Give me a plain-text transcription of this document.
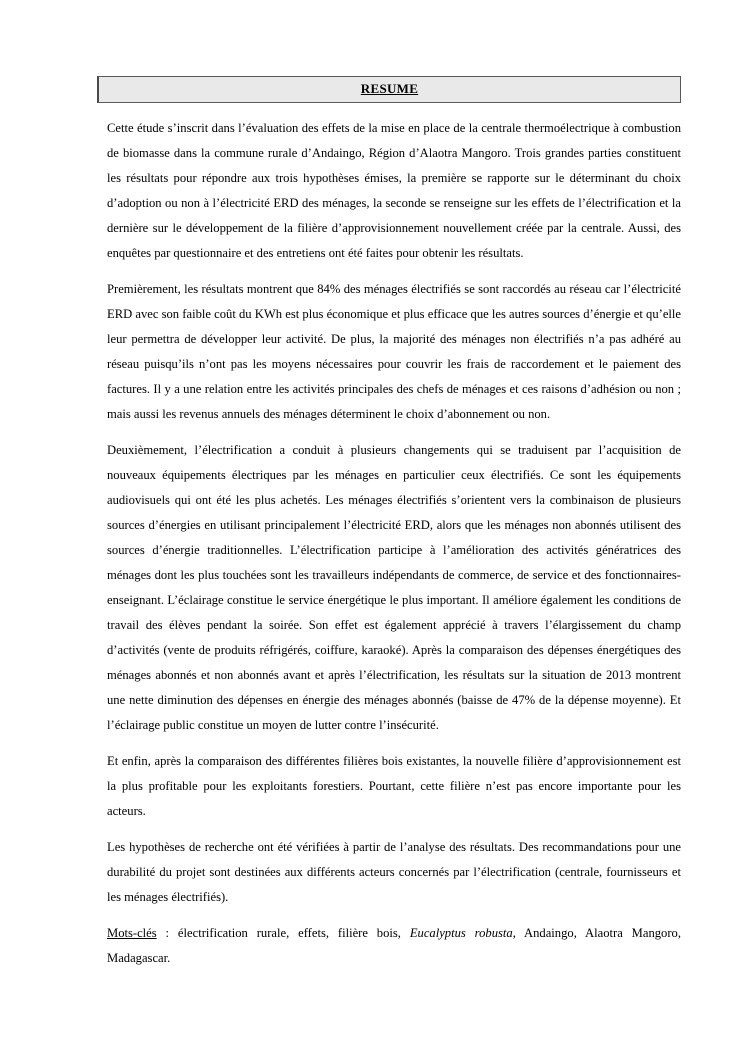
RESUME

Cette étude s’inscrit dans l’évaluation des effets de la mise en place de la centrale thermoélectrique à combustion de biomasse dans la commune rurale d’Andaingo, Région d’Alaotra Mangoro. Trois grandes parties constituent les résultats pour répondre aux trois hypothèses émises, la première se rapporte sur le déterminant du choix d’adoption ou non à l’électricité ERD des ménages, la seconde se renseigne sur les effets de l’électrification et la dernière sur le développement de la filière d’approvisionnement nouvellement créée par la centrale. Aussi, des enquêtes par questionnaire et des entretiens ont été faites pour obtenir les résultats.

Premièrement, les résultats montrent que 84% des ménages électrifiés se sont raccordés au réseau car l’électricité ERD avec son faible coût du KWh est plus économique et plus efficace que les autres sources d’énergie et qu’elle leur permettra de développer leur activité. De plus, la majorité des ménages non électrifiés n’a pas adhéré au réseau puisqu’ils n’ont pas les moyens nécessaires pour couvrir les frais de raccordement et le paiement des factures. Il y a une relation entre les activités principales des chefs de ménages et ces raisons d’adhésion ou non ; mais aussi les revenus annuels des ménages déterminent le choix d’abonnement ou non.

Deuxièmement, l’électrification a conduit à plusieurs changements qui se traduisent par l’acquisition de nouveaux équipements électriques par les ménages en particulier ceux électrifiés. Ce sont les équipements audiovisuels qui ont été les plus achetés. Les ménages électrifiés s’orientent vers la combinaison de plusieurs sources d’énergies en utilisant principalement l’électricité ERD, alors que les ménages non abonnés utilisent des sources d’énergie traditionnelles. L’électrification participe à l’amélioration des activités génératrices des ménages dont les plus touchées sont les travailleurs indépendants de commerce, de service et des fonctionnaires-enseignant. L’éclairage constitue le service énergétique le plus important. Il améliore également les conditions de travail des élèves pendant la soirée. Son effet est également apprécié à travers l’élargissement du champ d’activités (vente de produits réfrigérés, coiffure, karaoké). Après la comparaison des dépenses énergétiques des ménages abonnés et non abonnés avant et après l’électrification, les résultats sur la situation de 2013 montrent une nette diminution des dépenses en énergie des ménages abonnés (baisse de 47% de la dépense moyenne). Et l’éclairage public constitue un moyen de lutter contre l’insécurité.

Et enfin, après la comparaison des différentes filières bois existantes, la nouvelle filière d’approvisionnement est la plus profitable pour les exploitants forestiers. Pourtant, cette filière n’est pas encore importante pour les acteurs.

Les hypothèses de recherche ont été vérifiées à partir de l’analyse des résultats. Des recommandations pour une durabilité du projet sont destinées aux différents acteurs concernés par l’électrification (centrale, fournisseurs et les ménages électrifiés).

Mots-clés : électrification rurale, effets, filière bois, Eucalyptus robusta, Andaingo, Alaotra Mangoro, Madagascar.
